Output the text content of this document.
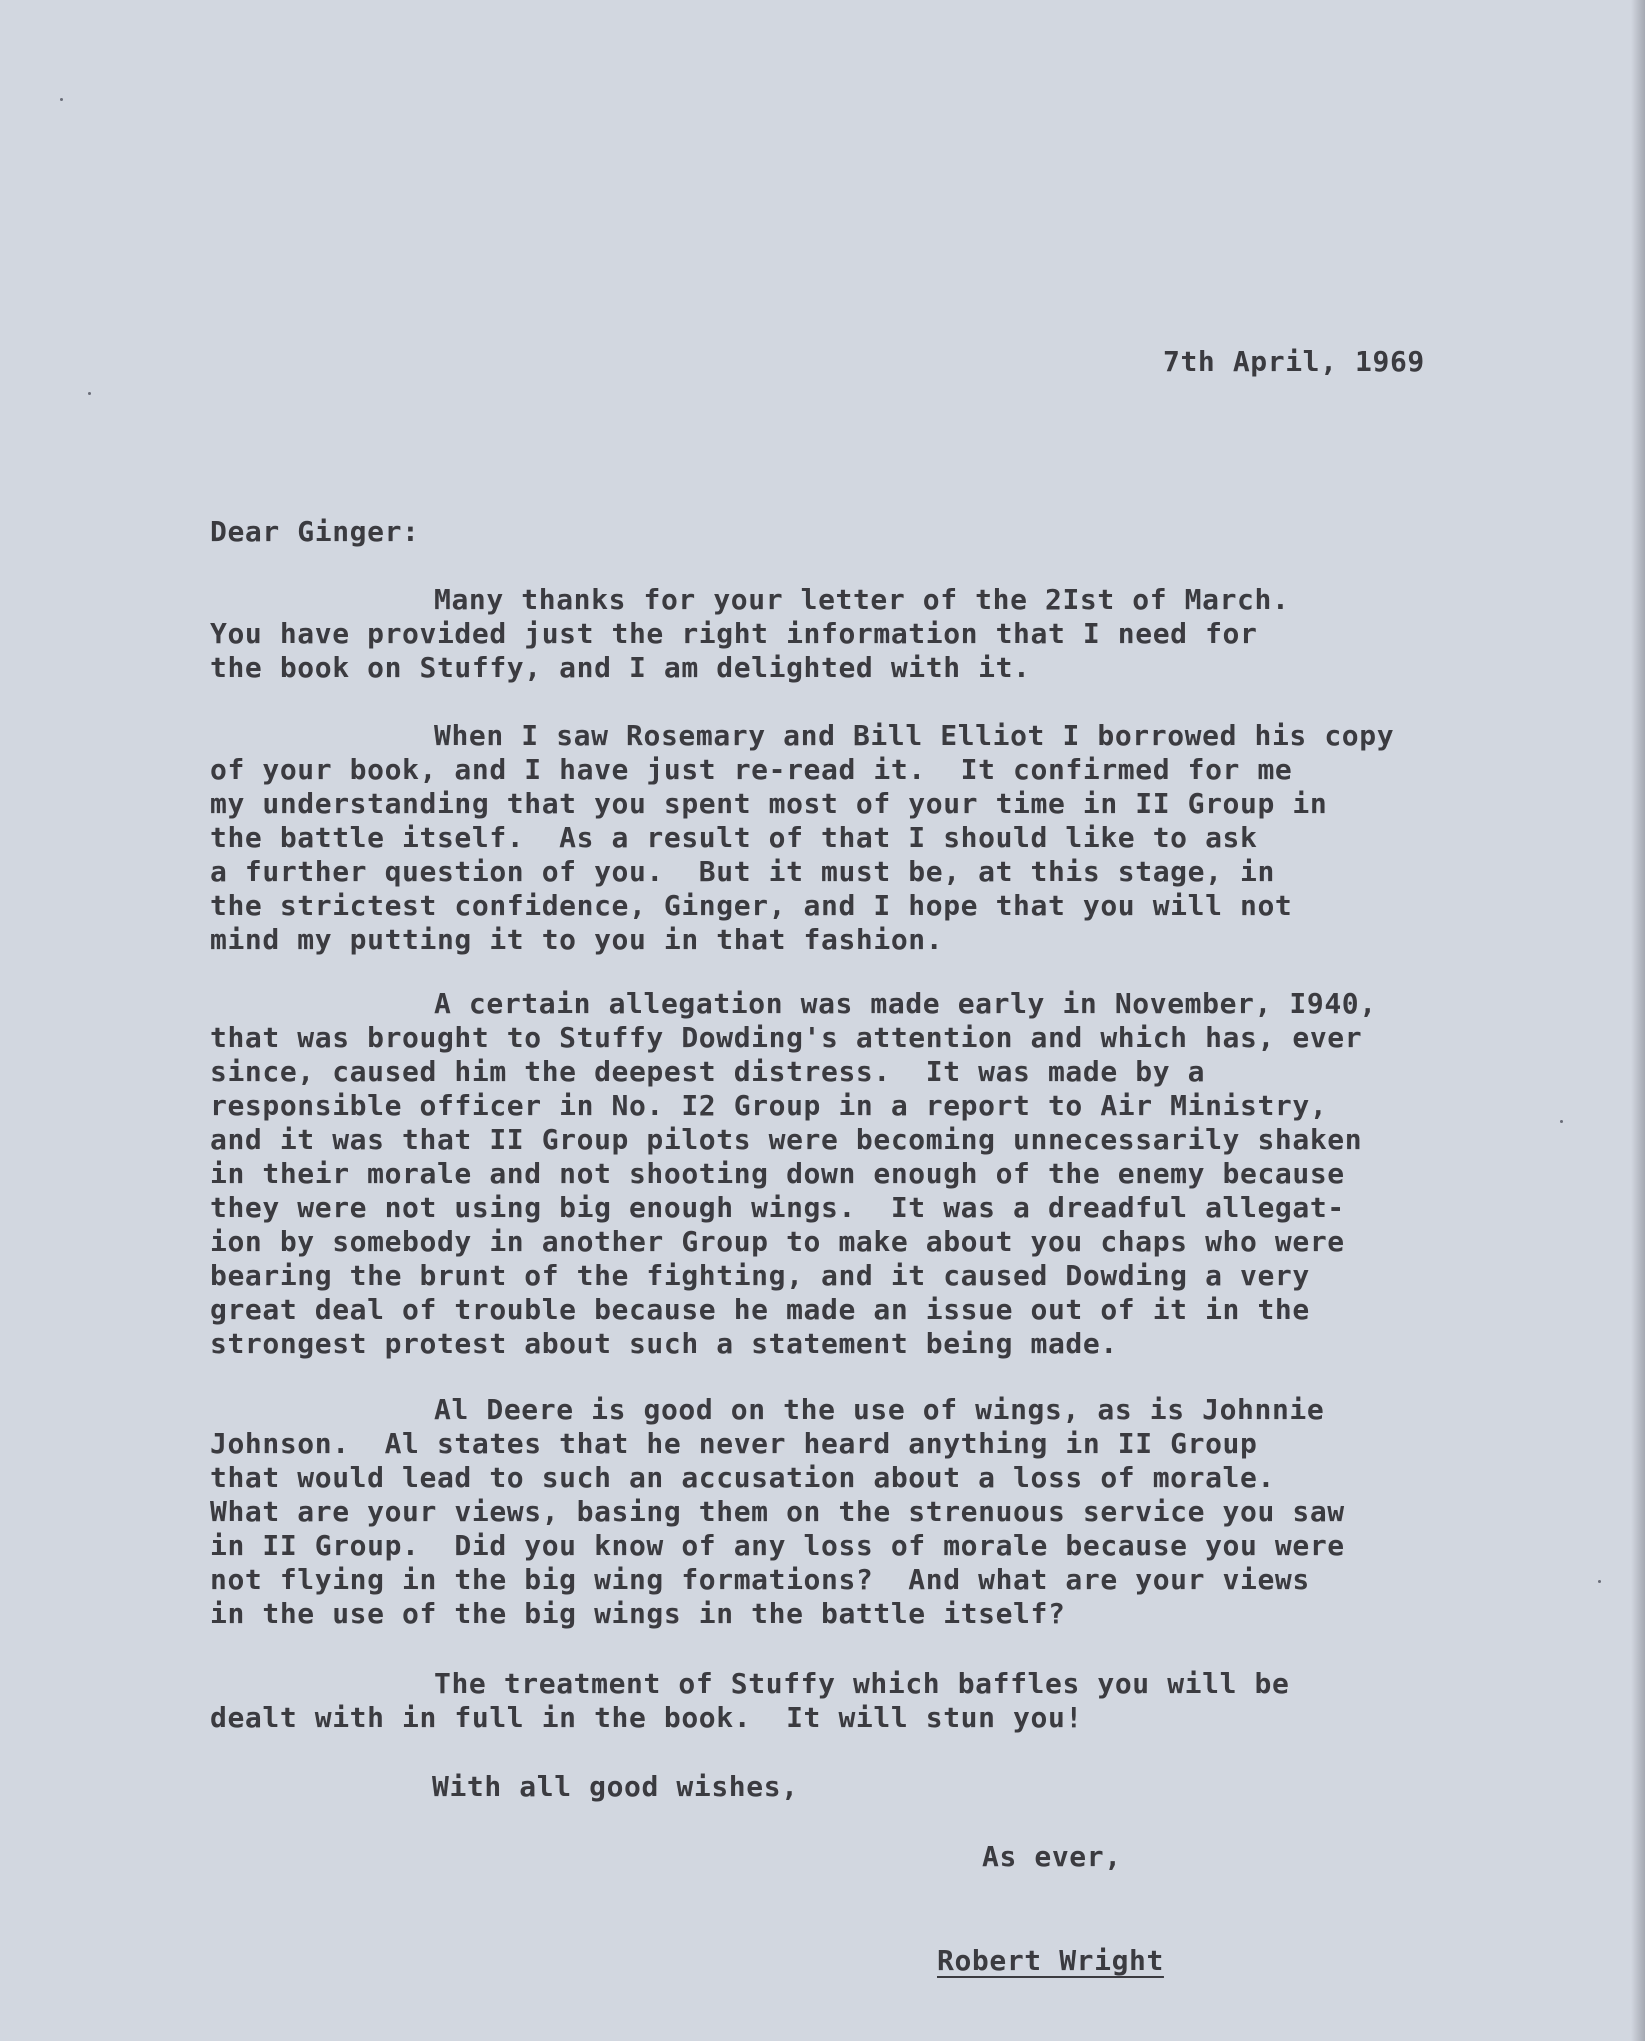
7th April, 1969
Dear Ginger:
Many thanks for your letter of the 2Ist of March.
You have provided just the right information that I need for
the book on Stuffy, and I am delighted with it.
When I saw Rosemary and Bill Elliot I borrowed his copy
of your book, and I have just re-read it.  It confirmed for me
my understanding that you spent most of your time in II Group in
the battle itself.  As a result of that I should like to ask
a further question of you.  But it must be, at this stage, in
the strictest confidence, Ginger, and I hope that you will not
mind my putting it to you in that fashion.
A certain allegation was made early in November, I940,
that was brought to Stuffy Dowding's attention and which has, ever
since, caused him the deepest distress.  It was made by a
responsible officer in No. I2 Group in a report to Air Ministry,
and it was that II Group pilots were becoming unnecessarily shaken
in their morale and not shooting down enough of the enemy because
they were not using big enough wings.  It was a dreadful allegat-
ion by somebody in another Group to make about you chaps who were
bearing the brunt of the fighting, and it caused Dowding a very
great deal of trouble because he made an issue out of it in the
strongest protest about such a statement being made.
Al Deere is good on the use of wings, as is Johnnie
Johnson.  Al states that he never heard anything in II Group
that would lead to such an accusation about a loss of morale.
What are your views, basing them on the strenuous service you saw
in II Group.  Did you know of any loss of morale because you were
not flying in the big wing formations?  And what are your views
in the use of the big wings in the battle itself?
The treatment of Stuffy which baffles you will be
dealt with in full in the book.  It will stun you!
With all good wishes,
As ever,
Robert Wright
